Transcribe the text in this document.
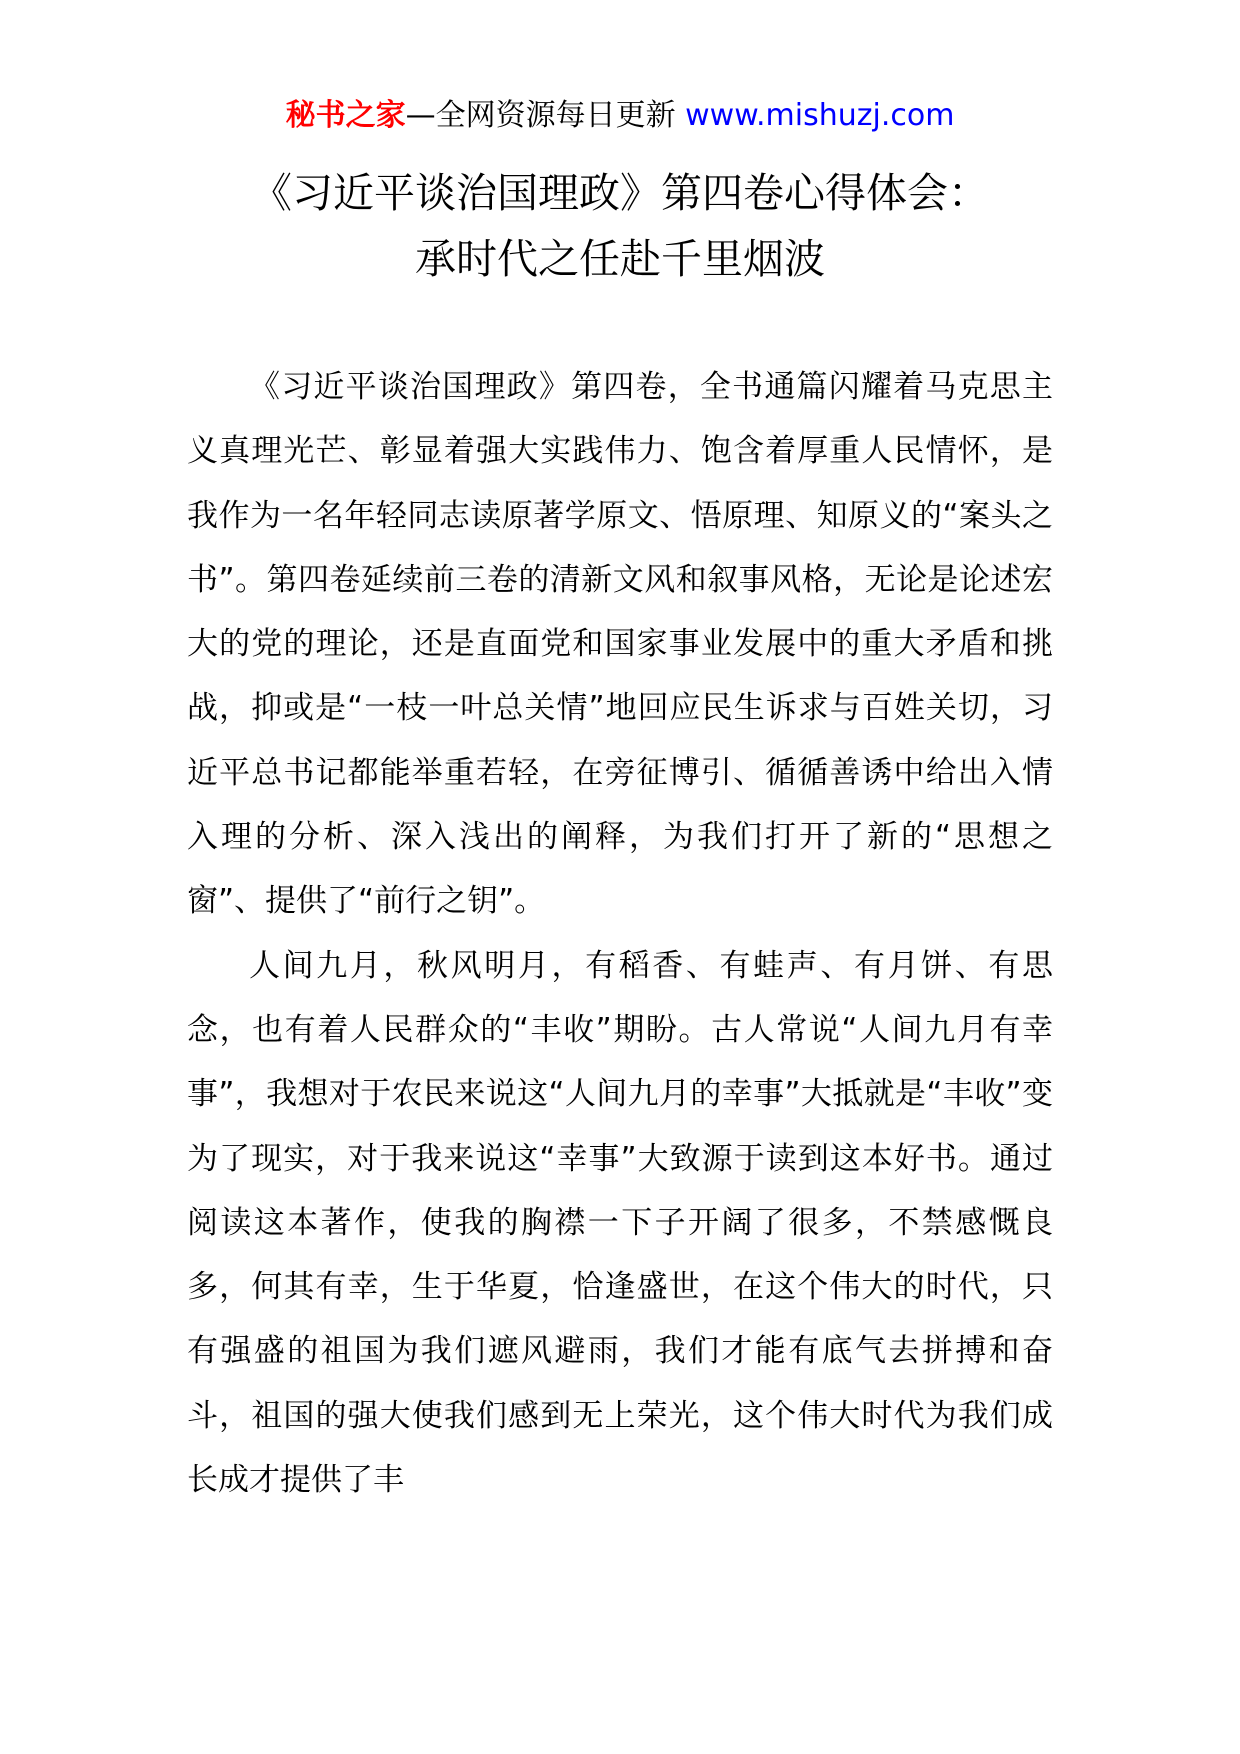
秘书之家—全网资源每日更新 www.mishuzj.com
《习近平谈治国理政》第四卷心得体会：
承时代之任赴千里烟波

《习近平谈治国理政》第四卷，全书通篇闪耀着马克思主义真理光芒、彰显着强大实践伟力、饱含着厚重人民情怀，是我作为一名年轻同志读原著学原文、悟原理、知原义的“案头之书”。第四卷延续前三卷的清新文风和叙事风格，无论是论述宏大的党的理论，还是直面党和国家事业发展中的重大矛盾和挑战，抑或是“一枝一叶总关情”地回应民生诉求与百姓关切，习近平总书记都能举重若轻，在旁征博引、循循善诱中给出入情入理的分析、深入浅出的阐释，为我们打开了新的“思想之窗”、提供了“前行之钥”。

人间九月，秋风明月，有稻香、有蛙声、有月饼、有思念，也有着人民群众的“丰收”期盼。古人常说“人间九月有幸事”，我想对于农民来说这“人间九月的幸事”大抵就是“丰收”变为了现实，对于我来说这“幸事”大致源于读到这本好书。通过阅读这本著作，使我的胸襟一下子开阔了很多，不禁感慨良多，何其有幸，生于华夏，恰逢盛世，在这个伟大的时代，只有强盛的祖国为我们遮风避雨，我们才能有底气去拼搏和奋斗，祖国的强大使我们感到无上荣光，这个伟大时代为我们成长成才提供了丰
